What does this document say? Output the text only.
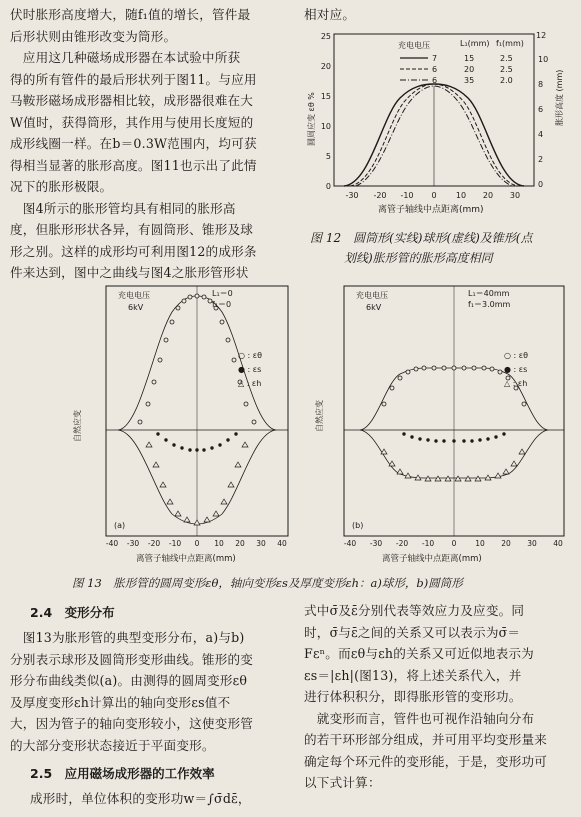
伏时胀形高度增大，随f₁值的增长，管件最
后形状则由锥形改变为筒形。
　应用这几种磁场成形器在本试验中所获
得的所有管件的最后形状列于图11。与应用
马鞍形磁场成形器相比较，成形器很难在大
W值时，获得筒形，其作用与使用长度短的
成形线圈一样。在b＝0.3W范围内，均可获
得相当显著的胀形高度。图11也示出了此情
况下的胀形极限。
　图4所示的胀形管均具有相同的胀形高
度，但胀形形状各异，有圆筒形、锥形及球
形之别。这样的成形均可利用图12的成形条
件来达到，图中之曲线与图4之胀形管形状
相对应。
0
2
4
6
8
10
12
0
5
10
15
20
25
-30 -20 -10 0 10 20 30
充电电压	L₁(mm) f₁(mm)
7	15	2.5
6	20	2.5
6	35	2.0
圆周应变 εθ %	胀形高度 (mm)
离管子轴线中点距离(mm)
图 12　圆筒形(实线)球形(虚线)及锥形(点
划线)胀形管的胀形高度相同
充电电压
6kV
L₁＝0
f₁＝0
○ : εθ
● : εs
△ : εh
(a)
自然应变
-40 -30 -20 -10 0 10 20 30 40
离管子轴线中点距离(mm)
充电电压
6kV
L₁＝40mm
f₁＝3.0mm
○ : εθ
● : εs
△ : εh
(b)
自然应变
-40 -30 -20 -10 0	10 20 30 40
离管子轴线中点距离(mm)
图 13　胀形管的圆周变形εθ，轴向变形εs及厚度变形εh：a)球形，b)圆筒形
2.4　变形分布
　图13为胀形管的典型变形分布，a)与b)
分别表示球形及圆筒形变形曲线。锥形的变
形分布曲线类似(a)。由测得的圆周变形εθ
及厚度变形εh计算出的轴向变形εs值不
大，因为管子的轴向变形较小，这使变形管
的大部分变形状态接近于平面变形。
2.5　应用磁场成形器的工作效率
成形时，单位体积的变形功w＝∫σ̄dε̄，
式中σ̄及ε̄分别代表等效应力及应变。同
时，σ̄与ε̄之间的关系又可以表示为σ̄＝
Fεⁿ。而εθ与εh的关系又可近似地表示为
εs＝|εh|(图13)，将上述关系代入，并
进行体积积分，即得胀形管的变形功。
　就变形而言，管件也可视作沿轴向分布
的若干环形部分组成，并可用平均变形量来
确定每个环元件的变形能，于是，变形功可
以下式计算：
